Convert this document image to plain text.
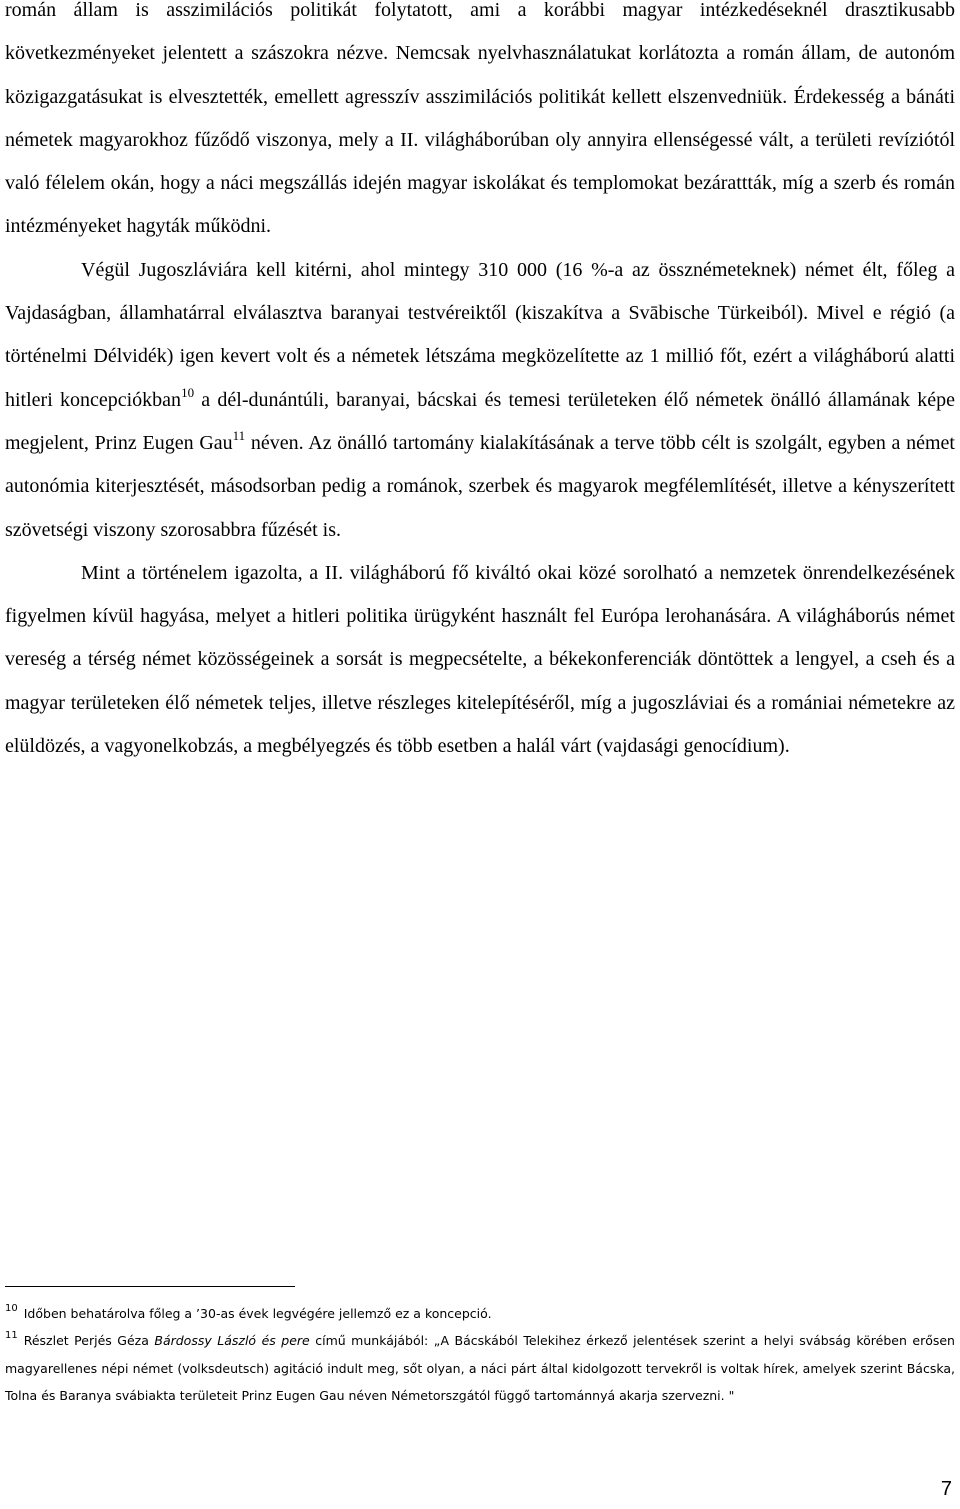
román állam is asszimilációs politikát folytatott, ami a korábbi magyar intézkedéseknél drasztikusabb következményeket jelentett a szászokra nézve. Nemcsak nyelvhasználatukat korlátozta a román állam, de autonóm közigazgatásukat is elvesztették, emellett agresszív asszimilációs politikát kellett elszenvedniük. Érdekesség a bánáti németek magyarokhoz fűződő viszonya, mely a II. világháborúban oly annyira ellenségessé vált, a területi revíziótól való félelem okán, hogy a náci megszállás idején magyar iskolákat és templomokat bezárattták, míg a szerb és román intézményeket hagyták működni.

Végül Jugoszláviára kell kitérni, ahol mintegy 310 000 (16 %-a az össznémeteknek) német élt, főleg a Vajdaságban, államhatárral elválasztva baranyai testvéreiktől (kiszakítva a Svābische Türkeiból). Mivel e régió (a történelmi Délvidék) igen kevert volt és a németek létszáma megközelítette az 1 millió főt, ezért a világháború alatti hitleri koncepciókban$^{10}$ a dél-dunántúli, baranyai, bácskai és temesi területeken élő németek önálló államának képe megjelent, Prinz Eugen Gau$^{11}$ néven. Az önálló tartomány kialakításának a terve több célt is szolgált, egyben a német autonómia kiterjesztését, másodsorban pedig a románok, szerbek és magyarok megfélemlítését, illetve a kényszerített szövetségi viszony szorosabbra fűzését is.

Mint a történelem igazolta, a II. világháború fő kiváltó okai közé sorolható a nemzetek önrendelkezésének figyelmen kívül hagyása, melyet a hitleri politika ürügyként használt fel Európa lerohanására. A világháborús német vereség a térség német közösségeinek a sorsát is megpecsételte, a békekonferenciák döntöttek a lengyel, a cseh és a magyar területeken élő németek teljes, illetve részleges kitelepítéséről, míg a jugoszláviai és a romániai németekre az elüldözés, a vagyonelkobzás, a megbélyegzés és több esetben a halál várt (vajdasági genocídium).

$^{10}$ Időben behatárolva főleg a ’30-as évek legvégére jellemző ez a koncepció.

$^{11}$ Részlet Perjés Géza Bárdossy László és pere című munkájából: „A Bácskából Telekihez érkező jelentések szerint a helyi svábság körében erősen magyarellenes népi német (volksdeutsch) agitáció indult meg, sőt olyan, a náci párt által kidolgozott tervekről is voltak hírek, amelyek szerint Bácska, Tolna és Baranya svábiakta területeit Prinz Eugen Gau néven Németorszgától függő tartománnyá akarja szervezni. "

7
